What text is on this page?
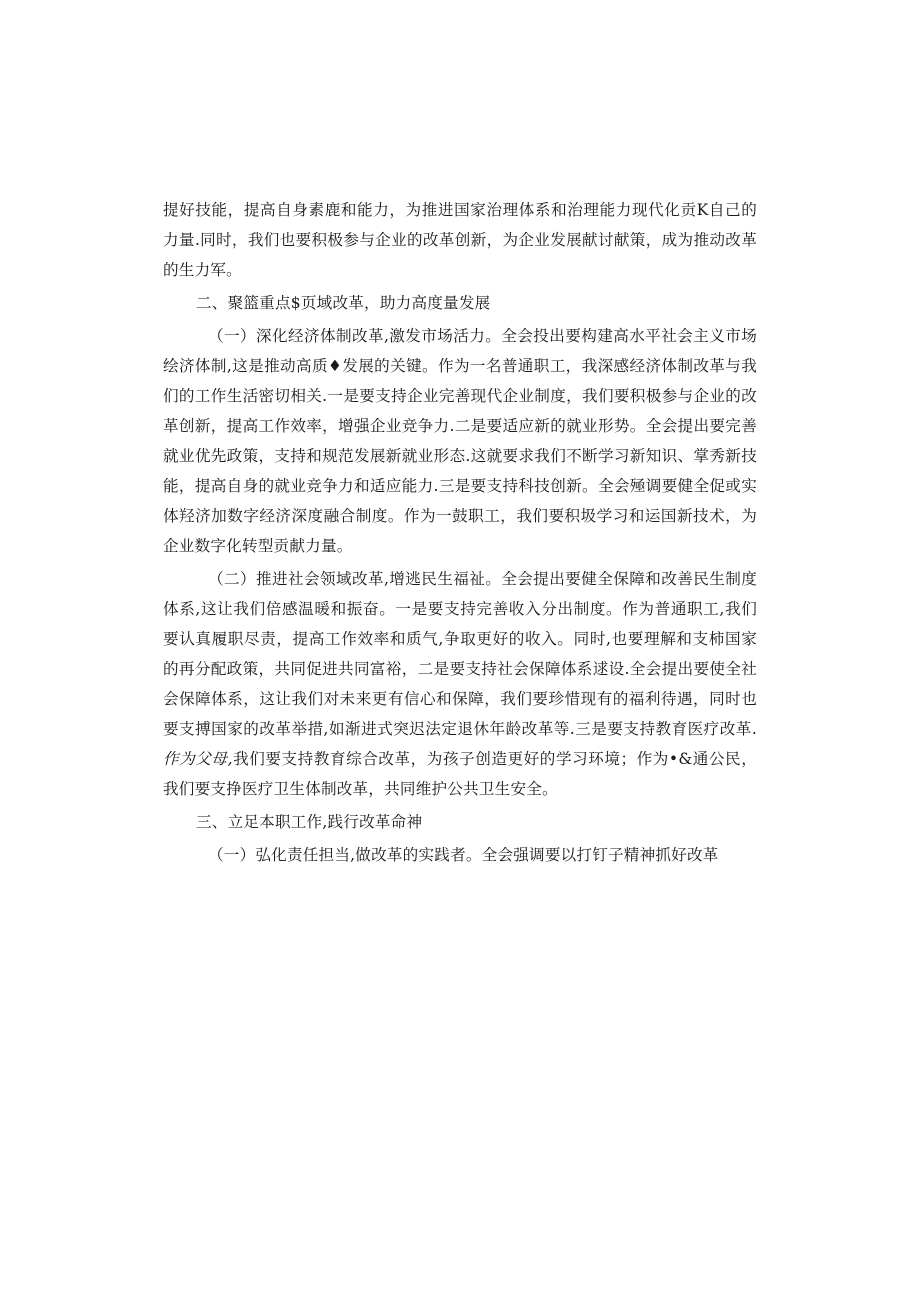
提好技能，提高自身素鹿和能力，为推进国家治理体系和治理能力现代化贡K自己的力量.同时，我们也要积极参与企业的改革创新，为企业发展献讨献策，成为推动改革的生力军。

二、聚篮重点$页域改革，助力高度量发展

（一）深化经济体制改革,激发市场活力。全会投出要构建高水平社会主义市场绘济体制,这是推动高质♦发展的关键。作为一名普通职工，我深感经济体制改革与我们的工作生活密切相关.一是要支持企业完善现代企业制度，我们要积极参与企业的改革创新，提高工作效率，增强企业竞争力.二是要适应新的就业形势。全会提出要完善就业优先政策，支持和规范发展新就业形态.这就要求我们不断学习新知识、掌秀新技能，提高自身的就业竞争力和适应能力.三是要支持科技创新。全会殛调要健全促或实体羟济加数字经济深度融合制度。作为一鼓职工，我们要积圾学习和运国新技术，为企业数字化转型贡献力量。

（二）推进社会领域改革,增逃民生福祉。全会提出要健全保障和改善民生制度体系,这让我们倍感温暖和振奋。一是要支持完善收入分出制度。作为普通职工,我们要认真履职尽责，提高工作效率和质气,争取更好的收入。同时,也要理解和支柿国家的再分配政策，共同促进共同富裕，二是要支持社会保障体系逑设.全会提出要使全社会保障体系，这让我们对未来更有信心和保障，我们要珍惜现有的福利待遇，同时也要支搏国家的改革举措,如渐进式突迟法定退休年龄改革等.三是要支持教育医疗改革.作为父母,我们要支持教育综合改革，为孩子创造更好的学习环境；作为•&通公民，我们要支挣医疗卫生体制改革，共同维护公共卫生安全。

三、立足本职工作,践行改革命神

（一）弘化责任担当,做改革的实践者。全会强调要以打钉子精神抓好改革
